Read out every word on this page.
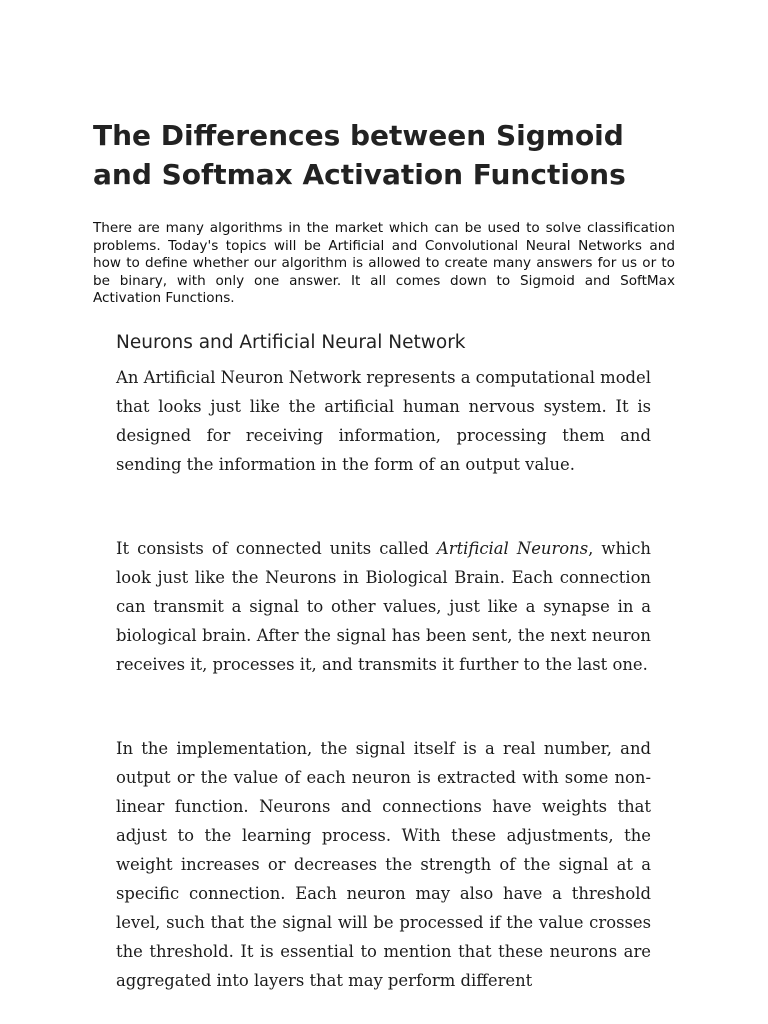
The Differences between Sigmoid and Softmax Activation Functions

There are many algorithms in the market which can be used to solve classification problems. Today's topics will be Artificial and Convolutional Neural Networks and how to define whether our algorithm is allowed to create many answers for us or to be binary, with only one answer. It all comes down to Sigmoid and SoftMax Activation Functions.

Neurons and Artificial Neural Network

An Artificial Neuron Network represents a computational model that looks just like the artificial human nervous system. It is designed for receiving information, processing them and sending the information in the form of an output value.

It consists of connected units called Artificial Neurons, which look just like the Neurons in Biological Brain. Each connection can transmit a signal to other values, just like a synapse in a biological brain. After the signal has been sent, the next neuron receives it, processes it, and transmits it further to the last one.

In the implementation, the signal itself is a real number, and output or the value of each neuron is extracted with some non-linear function. Neurons and connections have weights that adjust to the learning process. With these adjustments, the weight increases or decreases the strength of the signal at a specific connection. Each neuron may also have a threshold level, such that the signal will be processed if the value crosses the threshold. It is essential to mention that these neurons are aggregated into layers that may perform different
